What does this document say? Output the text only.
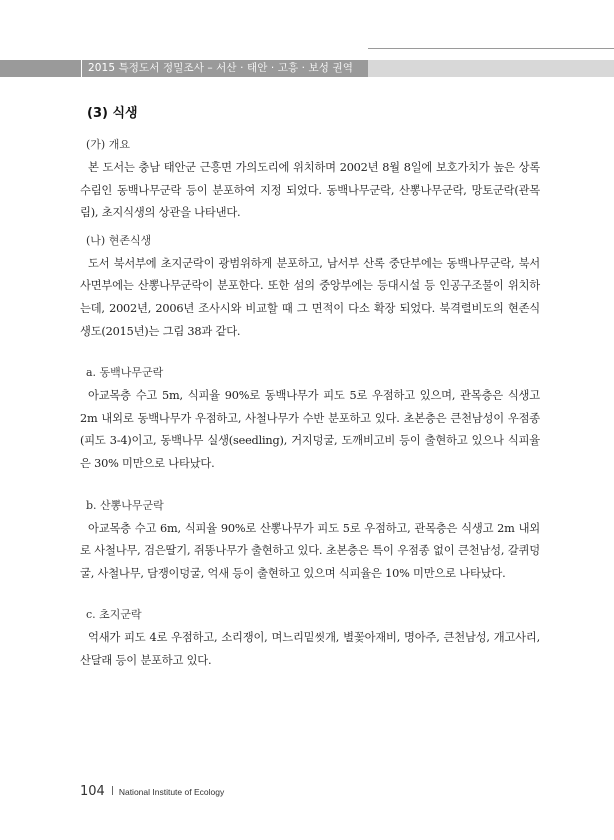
2015 특정도서 정밀조사 – 서산 · 태안 · 고흥 · 보성 권역
(3) 식생
(가) 개요

본 도서는 충남 태안군 근흥면 가의도리에 위치하며 2002년 8월 8일에 보호가치가 높은 상록수림인 동백나무군락 등이 분포하여 지정 되었다. 동백나무군락, 산뽕나무군락, 망토군락(관목림), 초지식생의 상관을 나타낸다.

(나) 현존식생

도서 북서부에 초지군락이 광범위하게 분포하고, 남서부 산록 중단부에는 동백나무군락, 북서사면부에는 산뽕나무군락이 분포한다. 또한 섬의 중앙부에는 등대시설 등 인공구조물이 위치하는데, 2002년, 2006년 조사시와 비교할 때 그 면적이 다소 확장 되었다. 북격렬비도의 현존식생도(2015년)는 그림 38과 같다.

a. 동백나무군락

아교목층 수고 5m, 식피율 90%로 동백나무가 피도 5로 우점하고 있으며, 관목층은 식생고 2m 내외로 동백나무가 우점하고, 사철나무가 수반 분포하고 있다. 초본층은 큰천남성이 우점종(피도 3-4)이고, 동백나무 실생(seedling), 거지덩굴, 도깨비고비 등이 출현하고 있으나 식피율은 30% 미만으로 나타났다.

b. 산뽕나무군락

아교목층 수고 6m, 식피율 90%로 산뽕나무가 피도 5로 우점하고, 관목층은 식생고 2m 내외로 사철나무, 검은딸기, 쥐똥나무가 출현하고 있다. 초본층은 특이 우점종 없이 큰천남성, 갈퀴덩굴, 사철나무, 담쟁이덩굴, 억새 등이 출현하고 있으며 식피율은 10% 미만으로 나타났다.

c. 초지군락

억새가 피도 4로 우점하고, 소리쟁이, 며느리밑씻개, 별꽃아재비, 명아주, 큰천남성, 개고사리, 산달래 등이 분포하고 있다.

104 National Institute of Ecology
